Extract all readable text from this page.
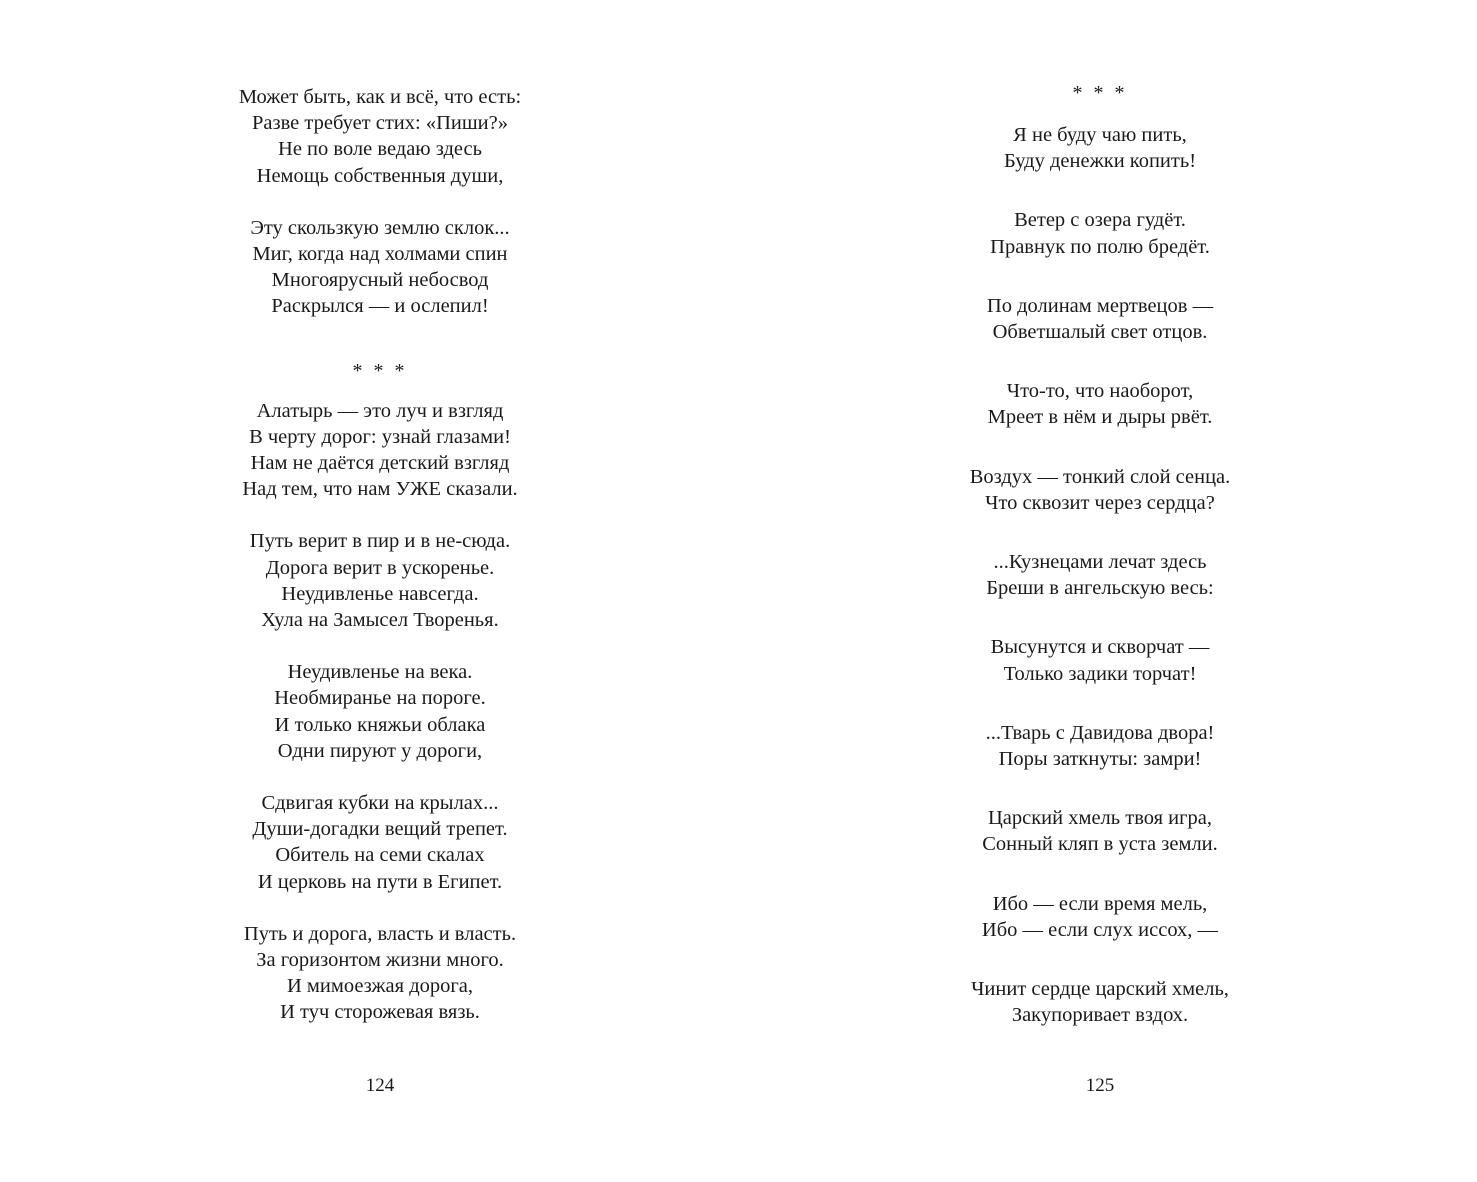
Может быть, как и всё, что есть:
Разве требует стих: «Пиши?»
Не по воле ведаю здесь
Немощь собственныя души,
Эту скользкую землю склок...
Миг, когда над холмами спин
Многоярусный небосвод
Раскрылся — и ослепил!
* * *
Алатырь — это луч и взгляд
В черту дорог: узнай глазами!
Нам не даётся детский взгляд
Над тем, что нам УЖЕ сказали.
Путь верит в пир и в не-сюда.
Дорога верит в ускоренье.
Неудивленье навсегда.
Хула на Замысел Творенья.
Неудивленье на века.
Необмиранье на пороге.
И только княжьи облака
Одни пируют у дороги,
Сдвигая кубки на крылах...
Души-догадки вещий трепет.
Обитель на семи скалах
И церковь на пути в Египет.
Путь и дорога, власть и власть.
За горизонтом жизни много.
И мимоезжая дорога,
И туч сторожевая вязь.
124
* * *
Я не буду чаю пить,
Буду денежки копить!
Ветер с озера гудёт.
Правнук по полю бредёт.
По долинам мертвецов —
Обветшалый свет отцов.
Что-то, что наоборот,
Мреет в нём и дыры рвёт.
Воздух — тонкий слой сенца.
Что сквозит через сердца?
...Кузнецами лечат здесь
Бреши в ангельскую весь:
Высунутся и скворчат —
Только задики торчат!
...Тварь с Давидова двора!
Поры заткнуты: замри!
Царский хмель твоя игра,
Сонный кляп в уста земли.
Ибо — если время мель,
Ибо — если слух иссох, —
Чинит сердце царский хмель,
Закупоривает вздох.
125
